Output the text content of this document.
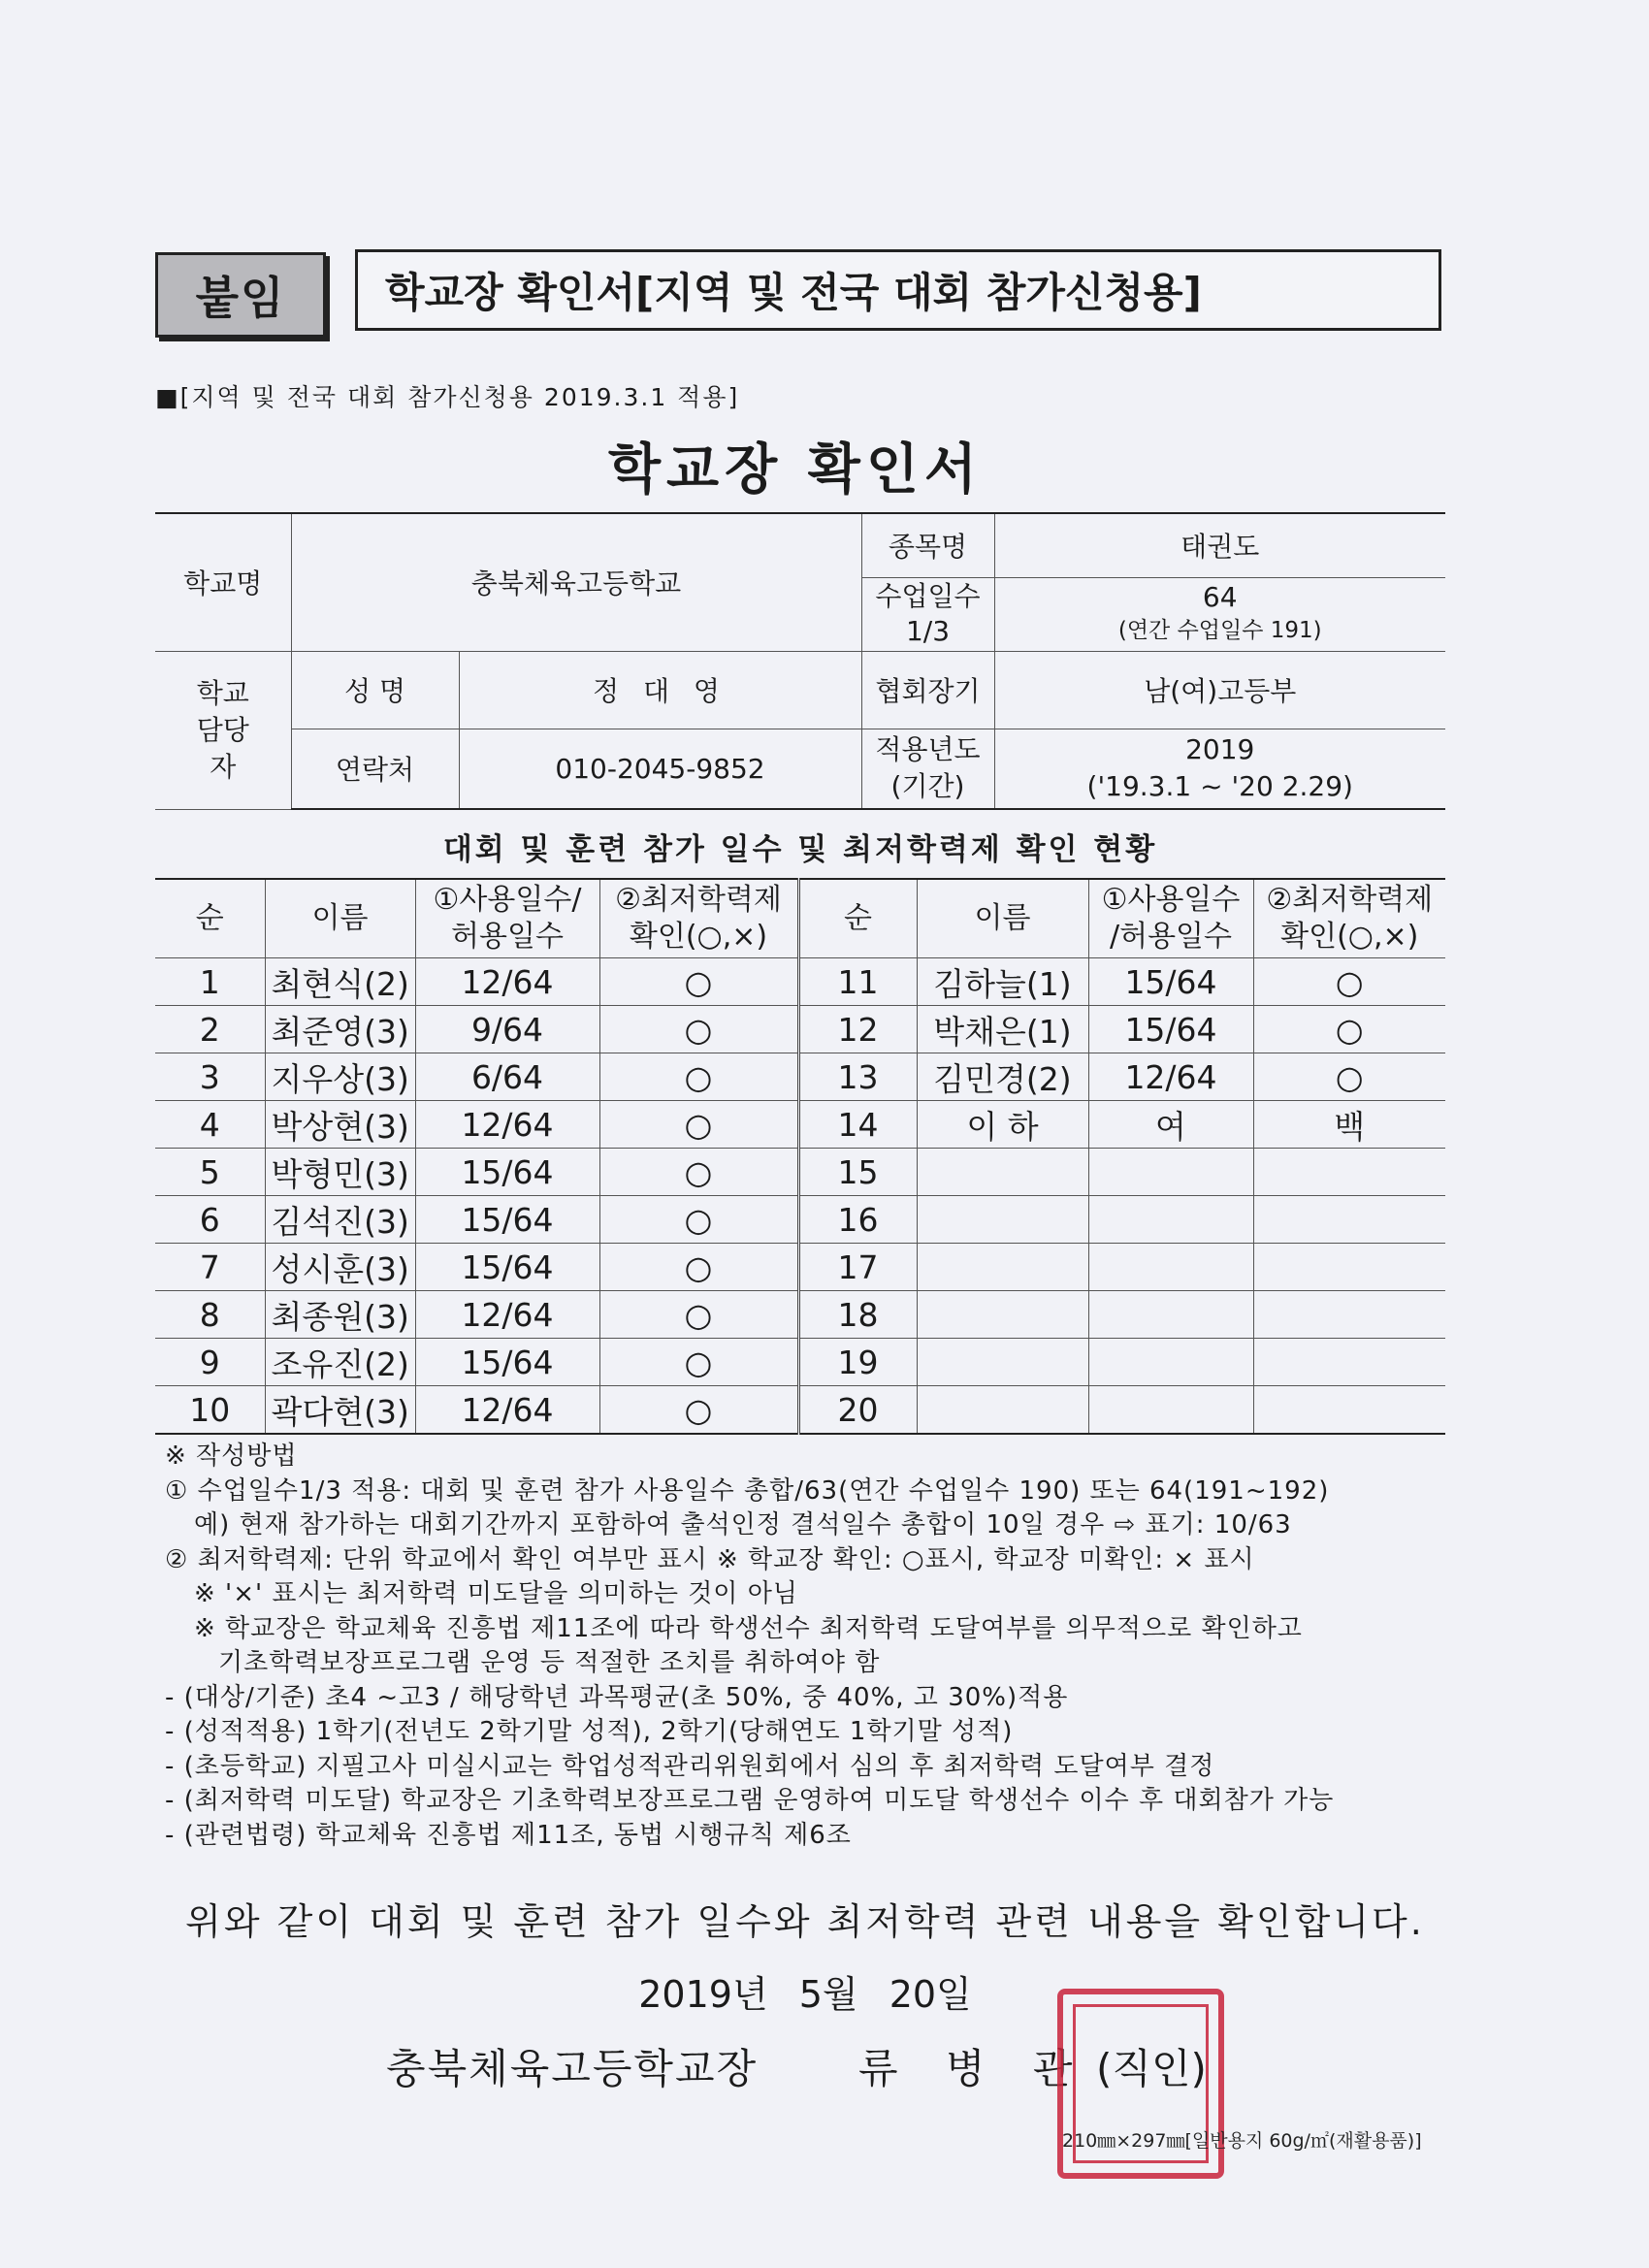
붙임	학교장 확인서[지역 및 전국 대회 참가신청용]
■[지역 및 전국 대회 참가신청용 2019.3.1 적용]
학교장 확인서
학교명	충북체육고등학교		종목명	태권도
			수업일수 1/3	64
(연간 수업일수 191)

학교 담당자	성 명	정 대 영	협회장기	남(여)고등부
	연락처	010-2045-9852	적용년도 (기간)	2019
('19.3.1 ~ '20 2.29)
대회 및 훈련 참가 일수 및 최저학력제 확인 현황
순	이름	①사용일수/ 허용일수	②최저학력제 확인(○,×)	순	이름	①사용일수 /허용일수	②최저학력제 확인(○,×)
1	최현식(2)	12/64	○	11	김하늘(1)	15/64	○
2	최준영(3)	9/64	○	12	박채은(1)	15/64	○
3	지우상(3)	6/64	○	13	김민경(2)	12/64	○
4	박상현(3)	12/64	○	14	이 하	여	백
5	박형민(3)	15/64	○	15			
6	김석진(3)	15/64	○	16			
7	성시훈(3)	15/64	○	17			
8	최종원(3)	12/64	○	18			
9	조유진(2)	15/64	○	19			
10	곽다현(3)	12/64	○	20			
※ 작성방법
① 수업일수1/3 적용: 대회 및 훈련 참가 사용일수 총합/63(연간 수업일수 190) 또는 64(191~192)
예) 현재 참가하는 대회기간까지 포함하여 출석인정 결석일수 총합이 10일 경우 ⇨ 표기: 10/63
② 최저학력제: 단위 학교에서 확인 여부만 표시 ※ 학교장 확인: ○표시, 학교장 미확인: × 표시
※ '×' 표시는 최저학력 미도달을 의미하는 것이 아님
※ 학교장은 학교체육 진흥법 제11조에 따라 학생선수 최저학력 도달여부를 의무적으로 확인하고
기초학력보장프로그램 운영 등 적절한 조치를 취하여야 함
- (대상/기준) 초4 ~고3 / 해당학년 과목평균(초 50%, 중 40%, 고 30%)적용
- (성적적용) 1학기(전년도 2학기말 성적), 2학기(당해연도 1학기말 성적)
- (초등학교) 지필고사 미실시교는 학업성적관리위원회에서 심의 후 최저학력 도달여부 결정
- (최저학력 미도달) 학교장은 기초학력보장프로그램 운영하여 미도달 학생선수 이수 후 대회참가 가능
- (관련법령) 학교체육 진흥법 제11조, 동법 시행규칙 제6조
위와 같이 대회 및 훈련 참가 일수와 최저학력 관련 내용을 확인합니다.
2019년 5월 20일
충북체육고등학교장 류 병 관 (직인)
210㎜×297㎜[일반용지 60g/㎡(재활용품)]
